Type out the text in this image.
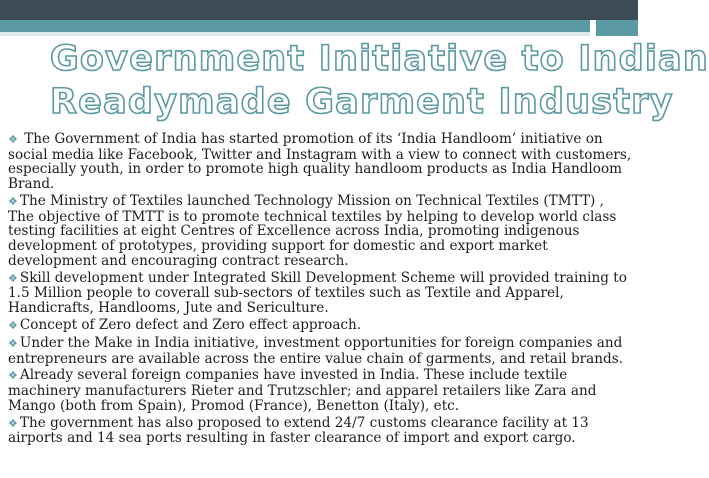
Government Initiative to Indian
Readymade Garment Industry
❖ The Government of India has started promotion of its ‘India Handloom’ initiative on social media like Facebook, Twitter and Instagram with a view to connect with customers, especially youth, in order to promote high quality handloom products as India Handloom Brand.
❖ The Ministry of Textiles launched Technology Mission on Technical Textiles (TMTT) , The objective of TMTT is to promote technical textiles by helping to develop world class testing facilities at eight Centres of Excellence across India, promoting indigenous development of prototypes, providing support for domestic and export market development and encouraging contract research.
❖ Skill development under Integrated Skill Development Scheme will provided training to 1.5 Million people to coverall sub-sectors of textiles such as Textile and Apparel, Handicrafts, Handlooms, Jute and Sericulture.
❖ Concept of Zero defect and Zero effect approach.
❖ Under the Make in India initiative, investment opportunities for foreign companies and entrepreneurs are available across the entire value chain of garments, and retail brands.
❖ Already several foreign companies have invested in India. These include textile machinery manufacturers Rieter and Trutzschler; and apparel retailers like Zara and Mango (both from Spain), Promod (France), Benetton (Italy), etc.
❖ The government has also proposed to extend 24/7 customs clearance facility at 13 airports and 14 sea ports resulting in faster clearance of import and export cargo.
